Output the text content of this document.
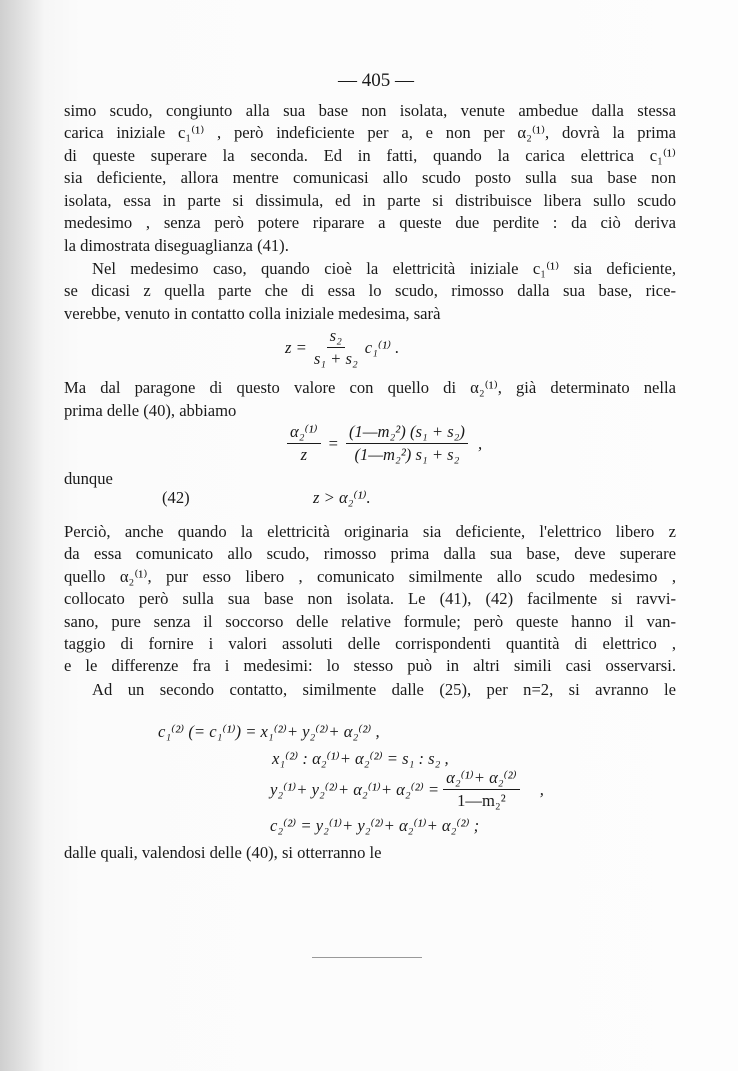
— 405 —
simo scudo, congiunto alla sua base non isolata, venute ambedue dalla stessa
carica iniziale c₁⁽¹⁾ , però indeficiente per a, e non per α₂⁽¹⁾, dovrà la prima
di queste superare la seconda. Ed in fatti, quando la carica elettrica c₁⁽¹⁾
sia deficiente, allora mentre comunicasi allo scudo posto sulla sua base non
isolata, essa in parte si dissimula, ed in parte si distribuisce libera sullo scudo
medesimo , senza però potere riparare a queste due perdite : da ciò deriva
la dimostrata diseguaglianza (41).
Nel medesimo caso, quando cioè la elettricità iniziale c₁⁽¹⁾ sia deficiente,
se dicasi z quella parte che di essa lo scudo, rimosso dalla sua base, rice-
verebbe, venuto in contatto colla iniziale medesima, sarà
$z = \frac{\text{s₂}}{\text{s₁ + s₂}} c_1^{(1)}$ .
Ma dal paragone di questo valore con quello di α₂⁽¹⁾, già determinato nella
prima delle (40), abbiamo
$\frac{\text{α₂⁽¹⁾}}{z} = \frac{\text{(1—m₂²) (s₁ + s₂)}}{\text{(1—m₂²) s₁ + s₂}}$ ,
dunque
(42)	z > α₂⁽¹⁾.
Perciò, anche quando la elettricità originaria sia deficiente, l'elettrico libero z
da essa comunicato allo scudo, rimosso prima dalla sua base, deve superare
quello α₂⁽¹⁾, pur esso libero , comunicato similmente allo scudo medesimo ,
collocato però sulla sua base non isolata. Le (41), (42) facilmente si ravvi-
sano, pure senza il soccorso delle relative formule; però queste hanno il van-
taggio di fornire i valori assoluti delle corrispondenti quantità di elettrico ,
e le differenze fra i medesimi: lo stesso può in altri simili casi osservarsi.
Ad un secondo contatto, similmente dalle (25), per n=2, si avranno le
c₁⁽²⁾ (= c₁⁽¹⁾) = x₁⁽²⁾+ y₂⁽²⁾+ α₂⁽²⁾ ,
x₁⁽²⁾ : α₂⁽¹⁾+ α₂⁽²⁾ = s₁ : s₂ ,
$y_2^{(1)}+ y_2^{(2)}+ \alpha_2^{(1)}+ \alpha_2^{(2)} = \frac{\text{α₂⁽¹⁾+ α₂⁽²⁾}}{\text{1—m₂²}}$ ,
c₂⁽²⁾ = y₂⁽¹⁾+ y₂⁽²⁾+ α₂⁽¹⁾+ α₂⁽²⁾ ;
dalle quali, valendosi delle (40), si otterranno le
